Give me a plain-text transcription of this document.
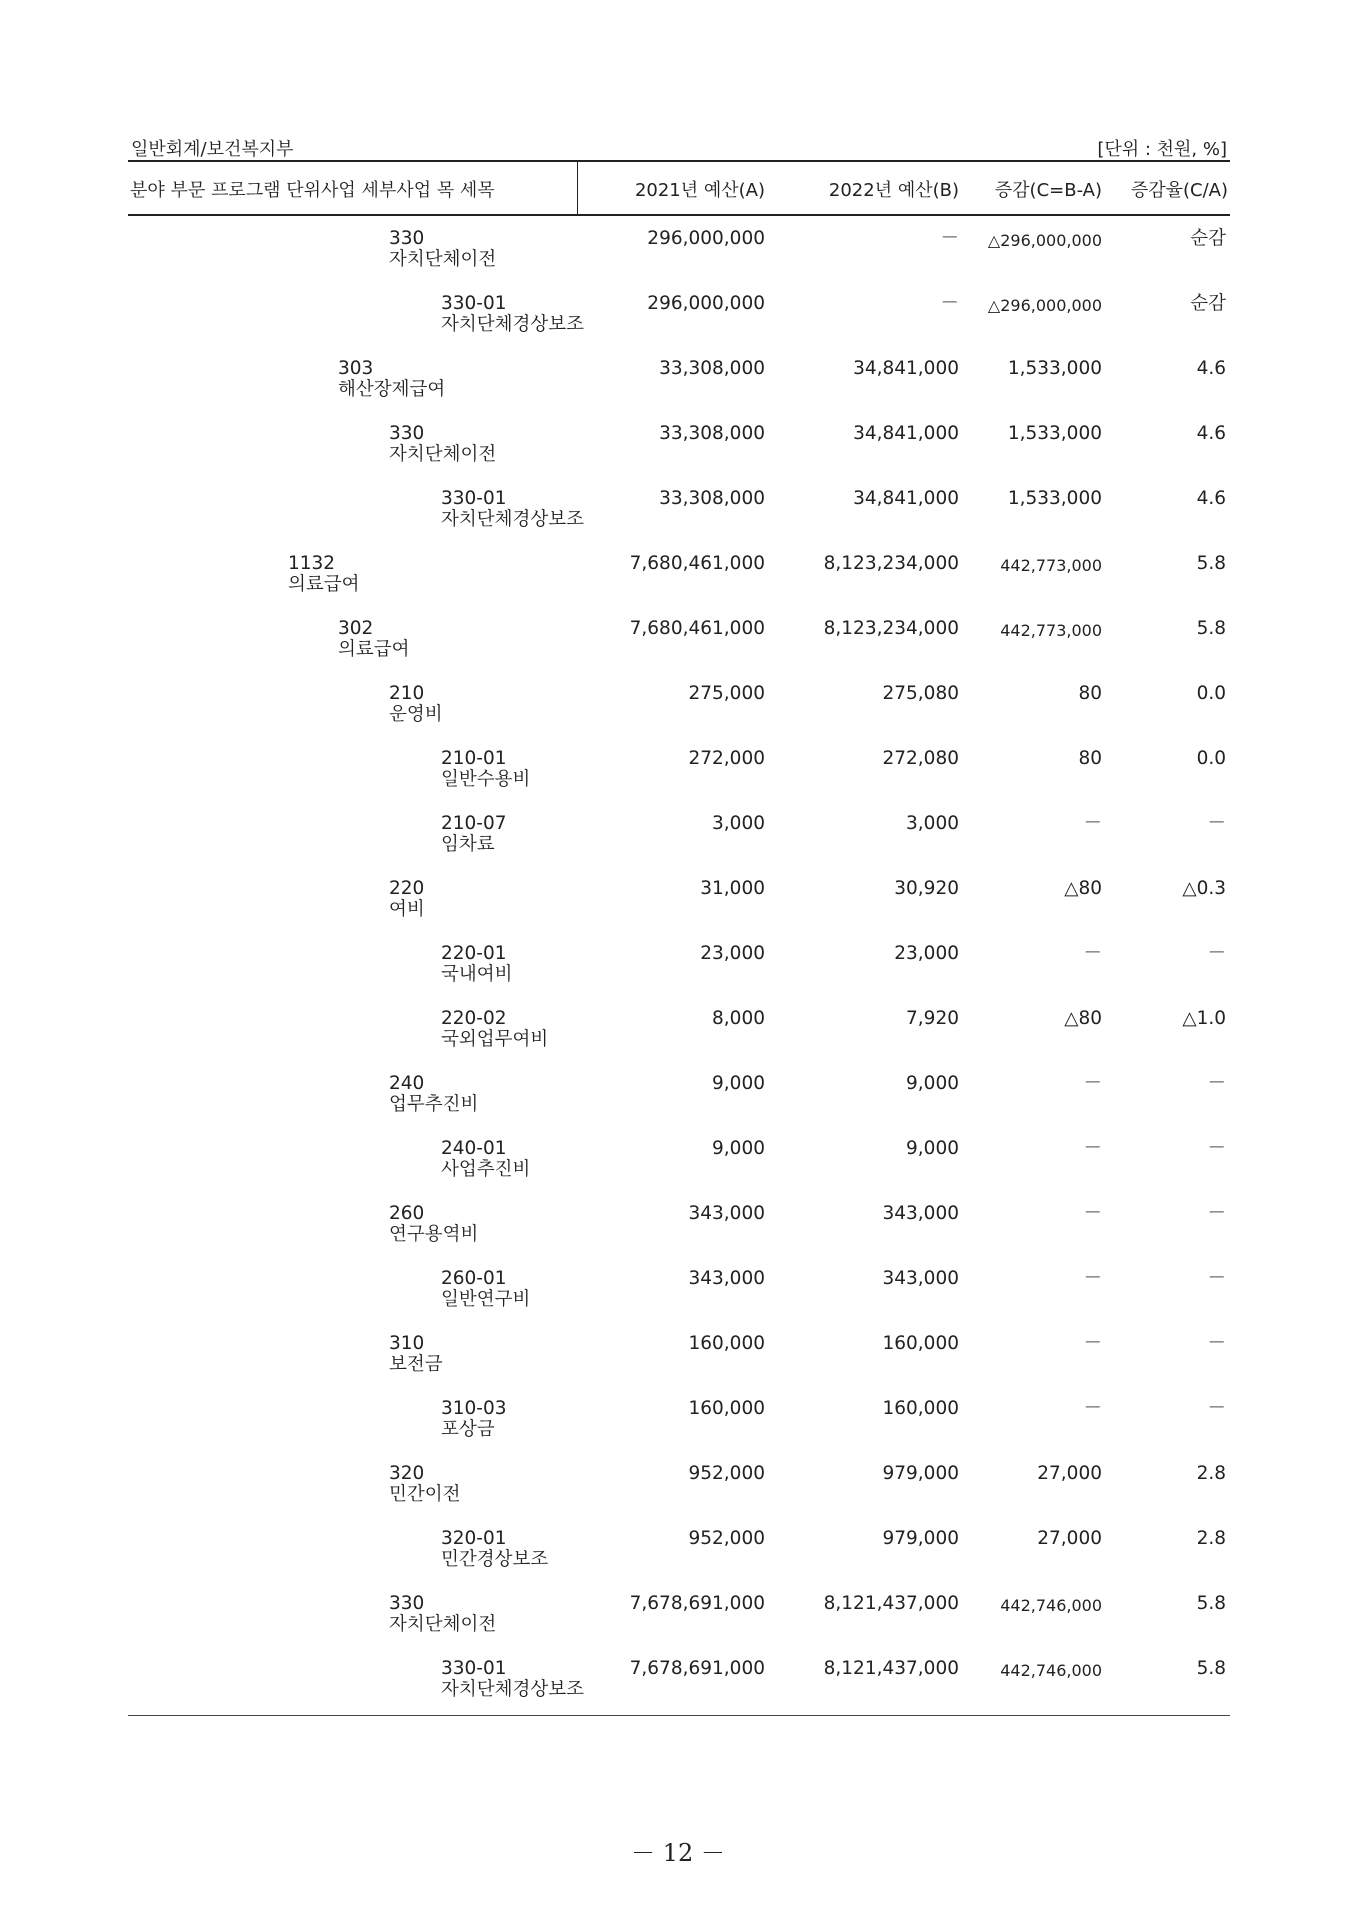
일반회계/보건복지부	[단위 : 천원, %]
분야 부문 프로그램 단위사업 세부사업 목 세목	2021년 예산(A)	2022년 예산(B) 증감(C=B-A) 증감율(C/A)
330
자치단체이전
296,000,000	－ △296,000,000	순감
330-01
자치단체경상보조
296,000,000	－ △296,000,000	순감
303
해산장제급여
33,308,000	34,841,000	1,533,000	4.6
330
자치단체이전
33,308,000	34,841,000	1,533,000	4.6
330-01
자치단체경상보조
33,308,000	34,841,000	1,533,000	4.6
1132
의료급여
7,680,461,000	8,123,234,000	442,773,000	5.8
302
의료급여
7,680,461,000	8,123,234,000	442,773,000	5.8
210
운영비
275,000	275,080	80	0.0
210-01
일반수용비
272,000	272,080	80	0.0
210-07
임차료
3,000	3,000	－	－
220
여비
31,000	30,920	△80	△0.3
220-01
국내여비
23,000	23,000	－	－
220-02
국외업무여비
8,000	7,920	△80	△1.0
240
업무추진비
9,000	9,000	－	－
240-01
사업추진비
9,000	9,000	－	－
260
연구용역비
343,000	343,000	－	－
260-01
일반연구비
343,000	343,000	－	－
310
보전금
160,000	160,000	－	－
310-03
포상금
160,000	160,000	－	－
320
민간이전
952,000	979,000	27,000	2.8
320-01
민간경상보조
952,000	979,000	27,000	2.8
330
자치단체이전
7,678,691,000	8,121,437,000	442,746,000	5.8
330-01
자치단체경상보조
7,678,691,000	8,121,437,000	442,746,000	5.8
－ 12 －
